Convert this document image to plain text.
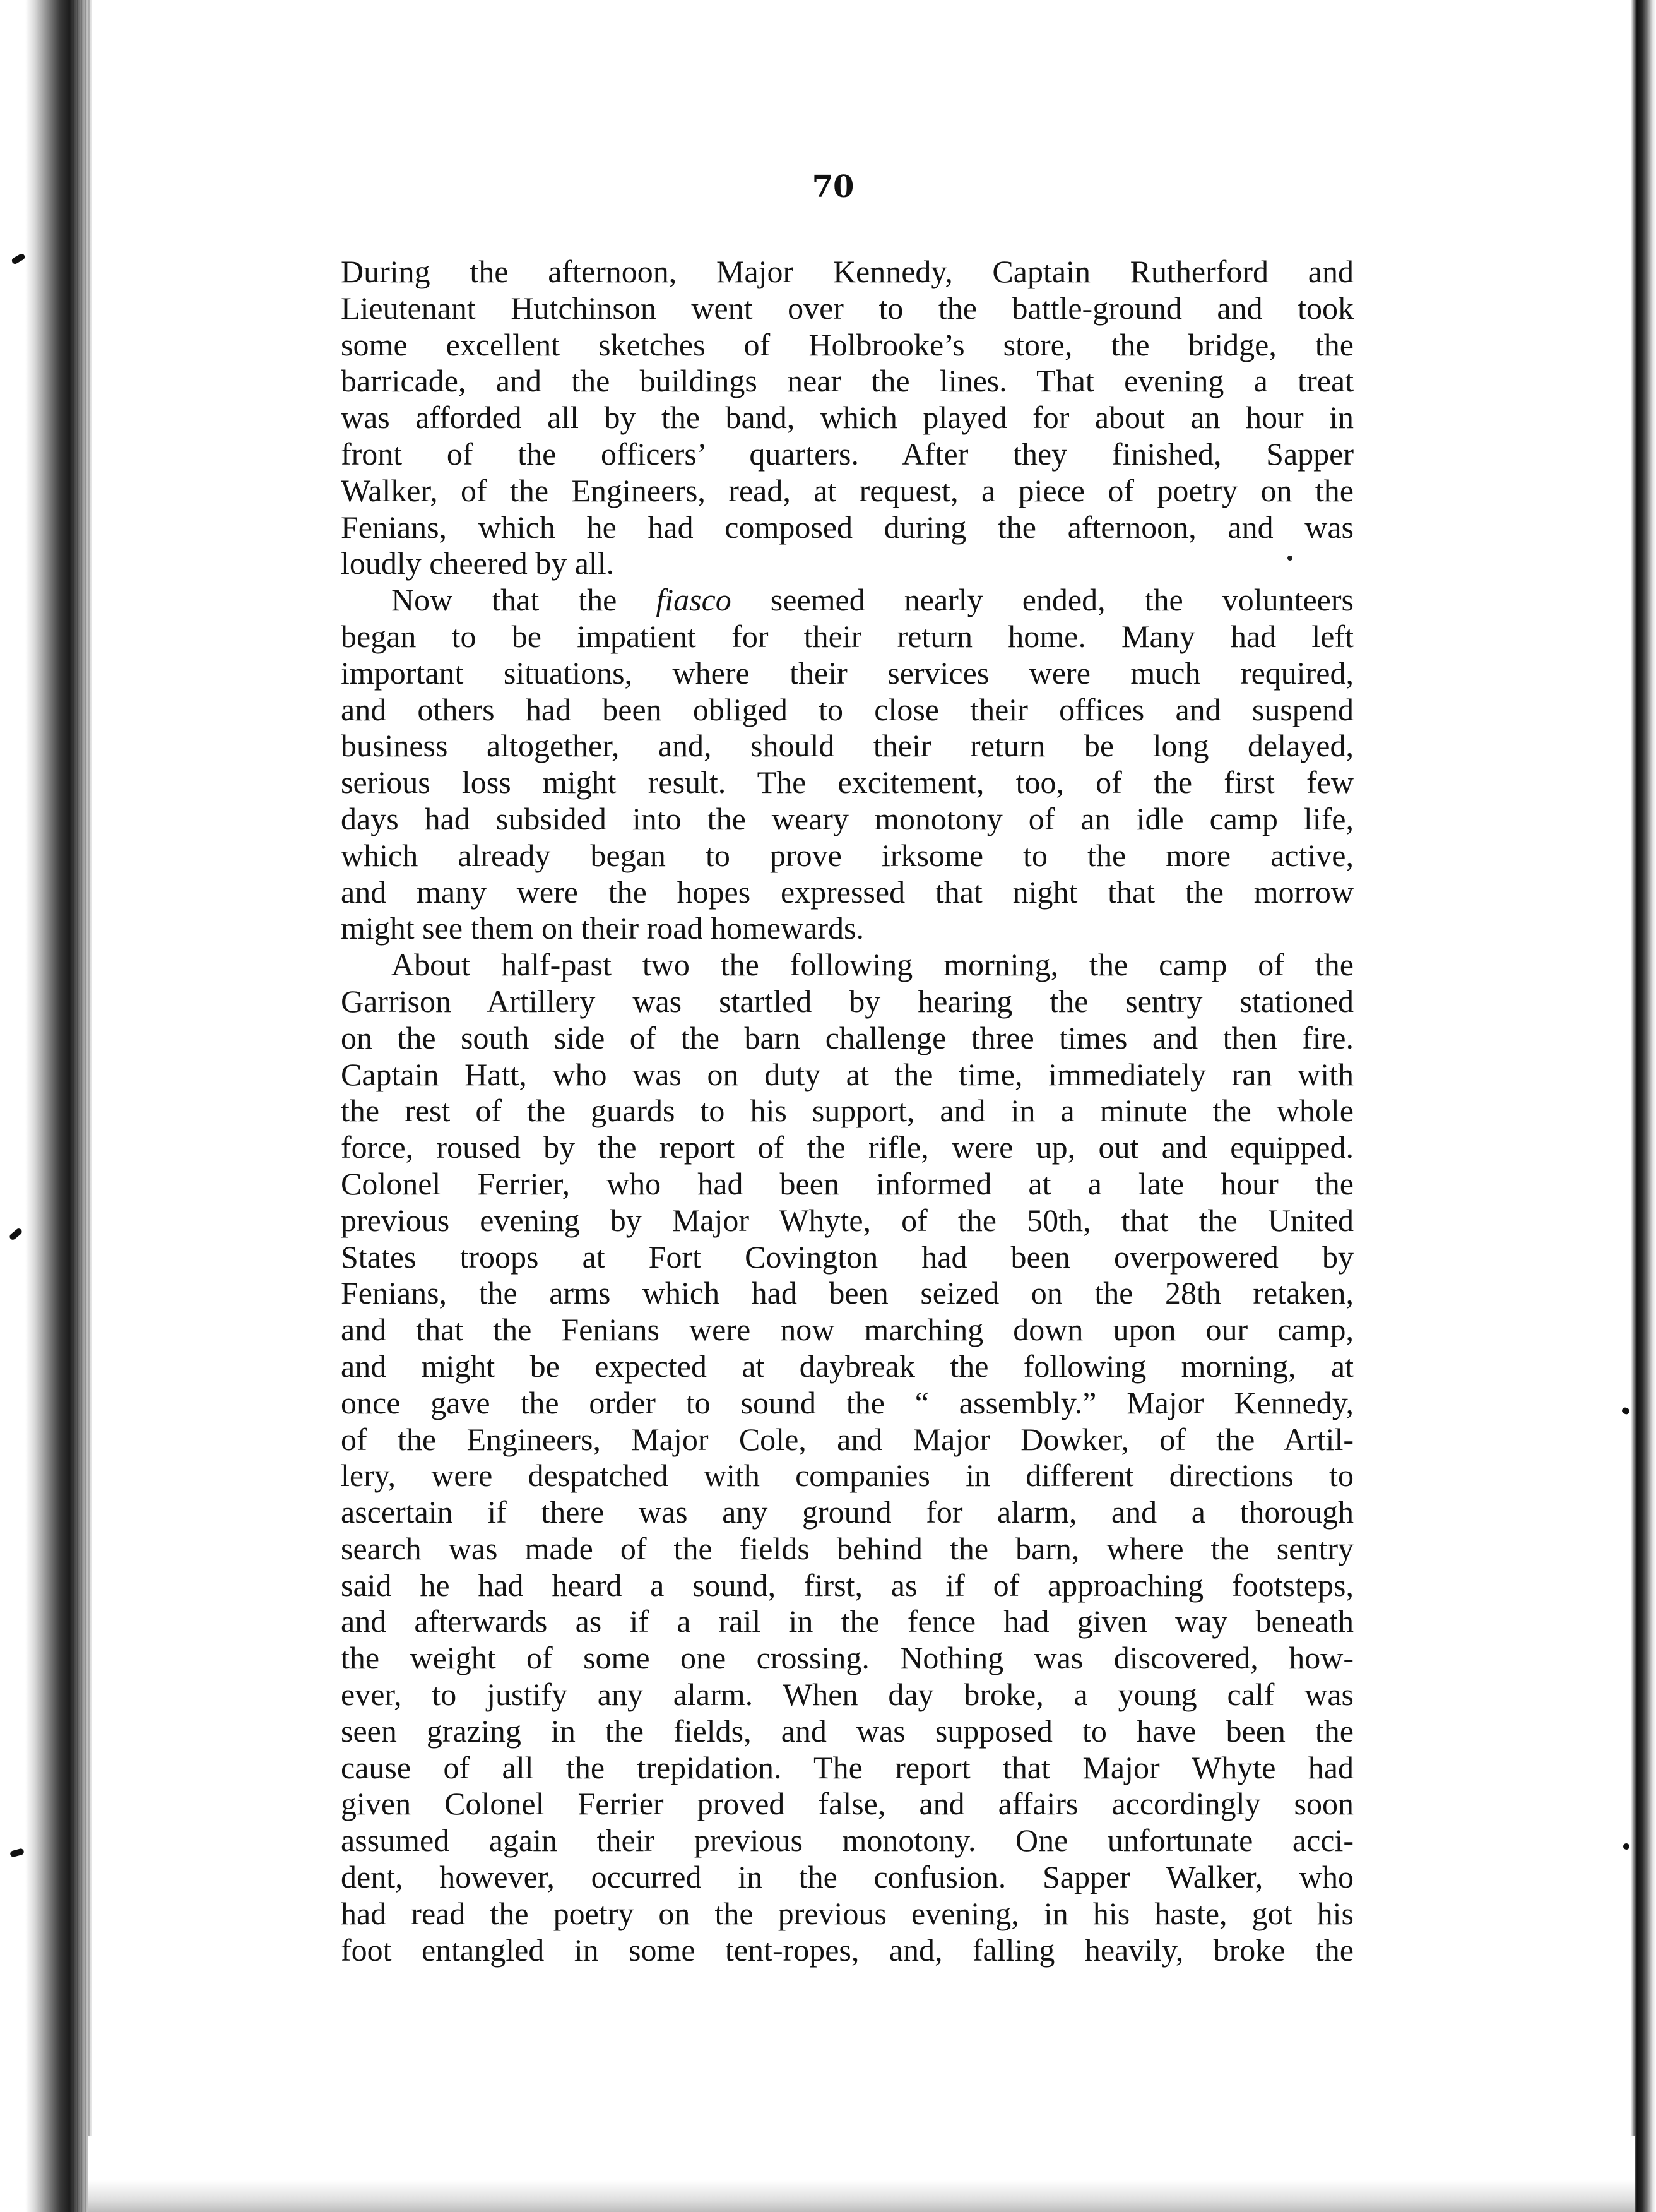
70

During the afternoon, Major Kennedy, Captain Rutherford and
Lieutenant Hutchinson went over to the battle-ground and took
some excellent sketches of Holbrooke’s store, the bridge, the
barricade, and the buildings near the lines. That evening a treat
was afforded all by the band, which played for about an hour in
front of the officers’ quarters. After they finished, Sapper
Walker, of the Engineers, read, at request, a piece of poetry on the
Fenians, which he had composed during the afternoon, and was
loudly cheered by all.

Now that the fiasco seemed nearly ended, the volunteers
began to be impatient for their return home. Many had left
important situations, where their services were much required,
and others had been obliged to close their offices and suspend
business altogether, and, should their return be long delayed,
serious loss might result. The excitement, too, of the first few
days had subsided into the weary monotony of an idle camp life,
which already began to prove irksome to the more active,
and many were the hopes expressed that night that the morrow
might see them on their road homewards.

About half-past two the following morning, the camp of the
Garrison Artillery was startled by hearing the sentry stationed
on the south side of the barn challenge three times and then fire.
Captain Hatt, who was on duty at the time, immediately ran with
the rest of the guards to his support, and in a minute the whole
force, roused by the report of the rifle, were up, out and equipped.
Colonel Ferrier, who had been informed at a late hour the
previous evening by Major Whyte, of the 50th, that the United
States troops at Fort Covington had been overpowered by
Fenians, the arms which had been seized on the 28th retaken,
and that the Fenians were now marching down upon our camp,
and might be expected at daybreak the following morning, at
once gave the order to sound the “ assembly.” Major Kennedy,
of the Engineers, Major Cole, and Major Dowker, of the Artil-
lery, were despatched with companies in different directions to
ascertain if there was any ground for alarm, and a thorough
search was made of the fields behind the barn, where the sentry
said he had heard a sound, first, as if of approaching footsteps,
and afterwards as if a rail in the fence had given way beneath
the weight of some one crossing. Nothing was discovered, how-
ever, to justify any alarm. When day broke, a young calf was
seen grazing in the fields, and was supposed to have been the
cause of all the trepidation. The report that Major Whyte had
given Colonel Ferrier proved false, and affairs accordingly soon
assumed again their previous monotony. One unfortunate acci-
dent, however, occurred in the confusion. Sapper Walker, who
had read the poetry on the previous evening, in his haste, got his
foot entangled in some tent-ropes, and, falling heavily, broke the
